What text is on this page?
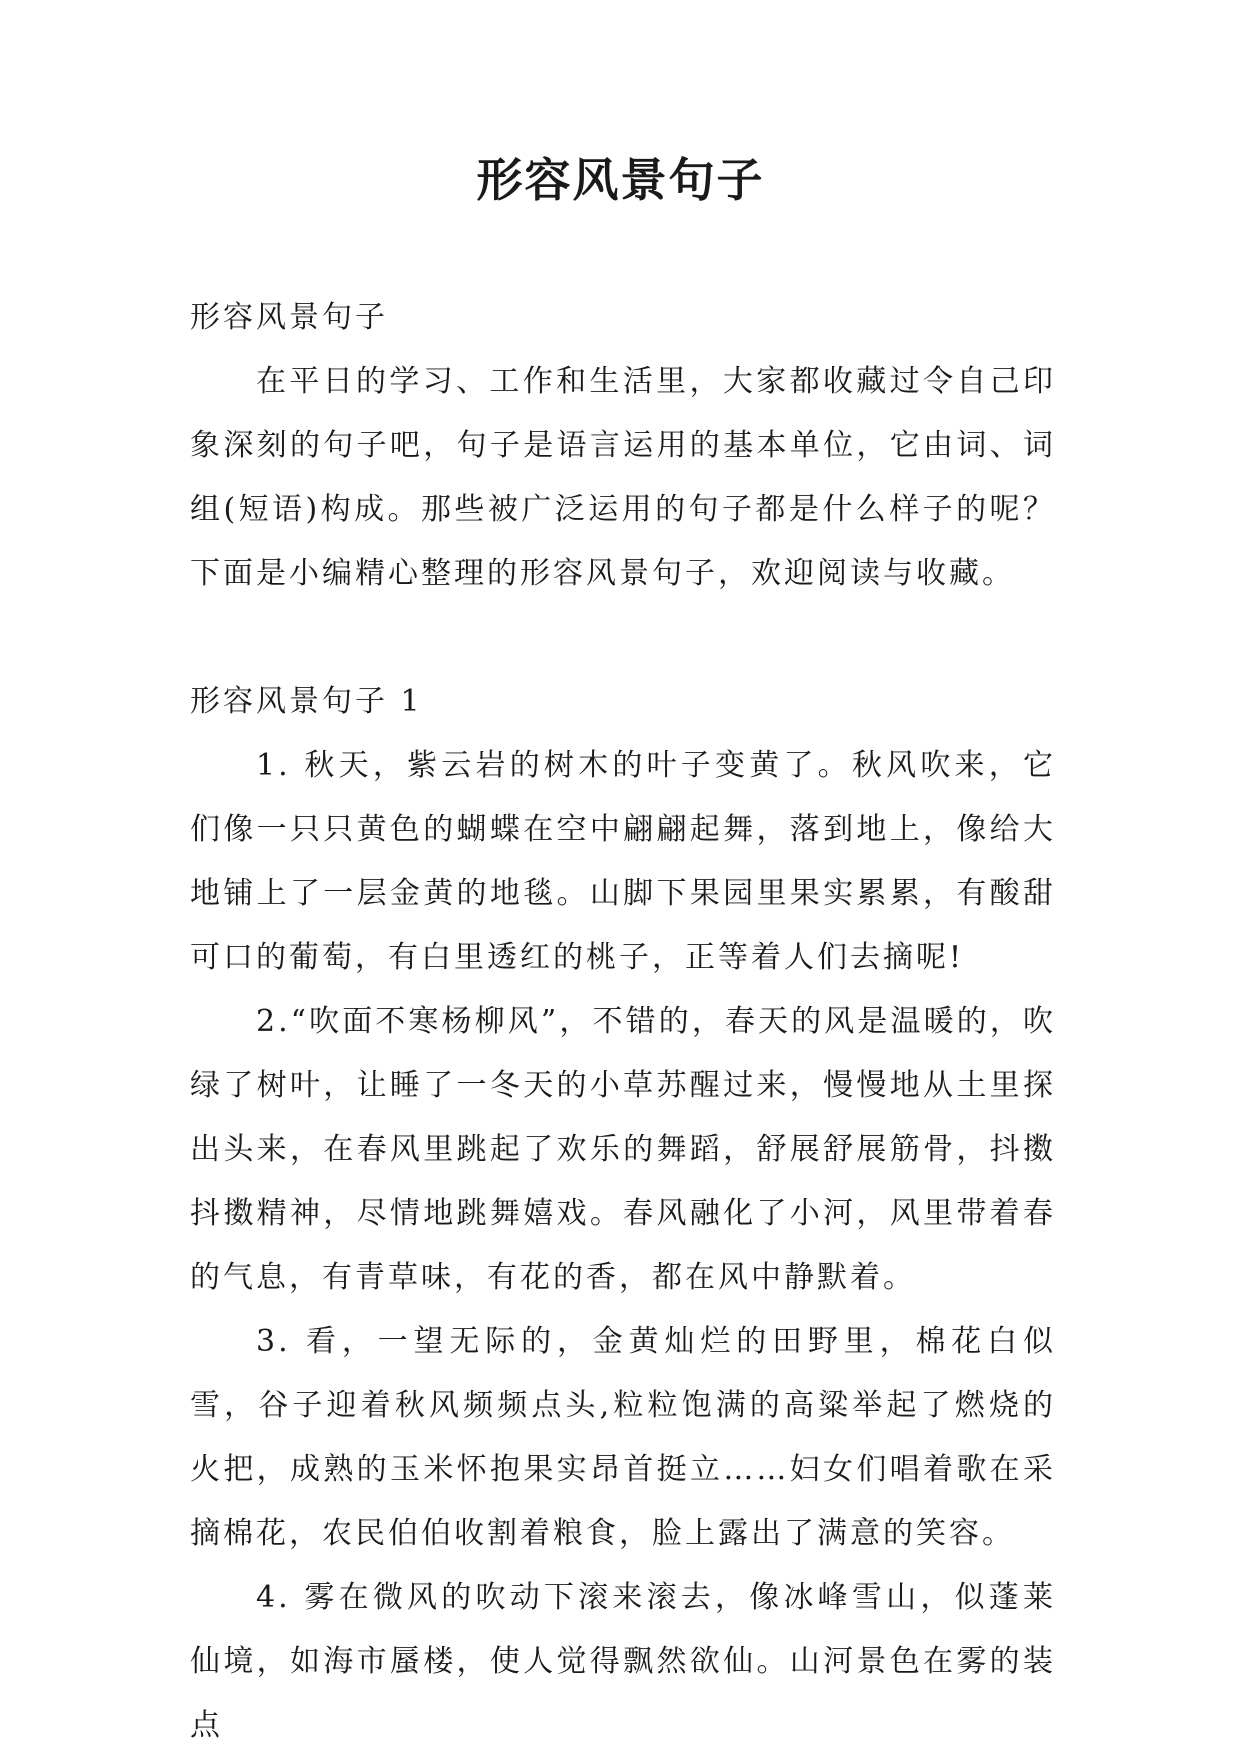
形容风景句子

形容风景句子

在平日的学习、工作和生活里，大家都收藏过令自己印象深刻的句子吧，句子是语言运用的基本单位，它由词、词组(短语)构成。那些被广泛运用的句子都是什么样子的呢？下面是小编精心整理的形容风景句子，欢迎阅读与收藏。

形容风景句子 1

1. 秋天，紫云岩的树木的叶子变黄了。秋风吹来，它们像一只只黄色的蝴蝶在空中翩翩起舞，落到地上，像给大地铺上了一层金黄的地毯。山脚下果园里果实累累，有酸甜可口的葡萄，有白里透红的桃子，正等着人们去摘呢!

2.“吹面不寒杨柳风”，不错的，春天的风是温暖的，吹绿了树叶，让睡了一冬天的小草苏醒过来，慢慢地从土里探出头来，在春风里跳起了欢乐的舞蹈，舒展舒展筋骨，抖擞抖擞精神，尽情地跳舞嬉戏。春风融化了小河，风里带着春的气息，有青草味，有花的香，都在风中静默着。

3. 看，一望无际的，金黄灿烂的田野里，棉花白似雪，谷子迎着秋风频频点头,粒粒饱满的高粱举起了燃烧的火把，成熟的玉米怀抱果实昂首挺立……妇女们唱着歌在采摘棉花，农民伯伯收割着粮食，脸上露出了满意的笑容。

4. 雾在微风的吹动下滚来滚去，像冰峰雪山，似蓬莱仙境，如海市蜃楼，使人觉得飘然欲仙。山河景色在雾的装点
